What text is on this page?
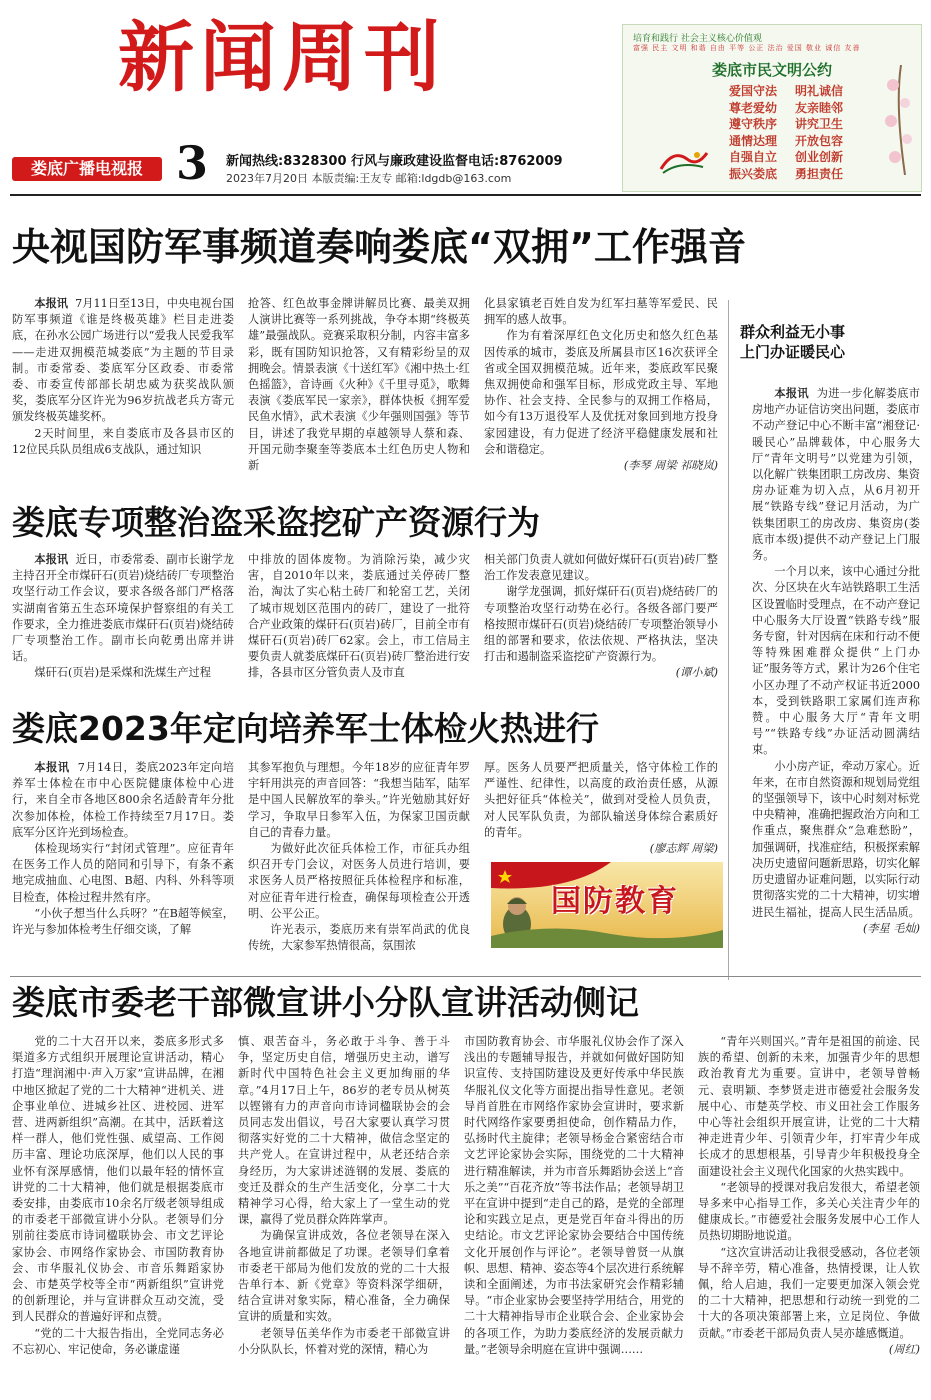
新闻周刊
娄底广播电视报 3 新闻热线:8328300 行风与廉政建设监督电话:8762009
2023年7月20日 本版责编:王友专 邮箱:ldgdb@163.com
培育和践行 社会主义核心价值观
富强 民主 文明 和谐 自由 平等 公正 法治 爱国 敬业 诚信 友善
娄底市民文明公约
爱国守法 明礼诚信
尊老爱幼 友亲睦邻
遵守秩序 讲究卫生
通情达理 开放包容
自强自立 创业创新
振兴娄底 勇担责任
央视国防军事频道奏响娄底“双拥”工作强音

本报讯 7月11日至13日，中央电视台国防军事频道《谁是终极英雄》栏目走进娄底，在孙水公园广场进行以“爱我人民爱我军——走进双拥模范城娄底”为主题的节目录制。市委常委、娄底军分区政委、市委常委、市委宣传部部长胡忠威为获奖战队颁奖，娄底军分区许光为96岁抗战老兵方寄元颁发终极英雄奖杯。

2天时间里，来自娄底市及各县市区的12位民兵队员组成6支战队，通过知识

抢答、红色故事金牌讲解员比赛、最美双拥人演讲比赛等一系列挑战，争夺本期“终极英雄”最强战队。竞赛采取积分制，内容丰富多彩，既有国防知识抢答，又有精彩纷呈的双拥晚会。情景表演《十送红军》《湘中热土·红色摇篮》，音诗画《火种》《千里寻觅》，歌舞表演《娄底军民一家亲》，群体快板《拥军爱民鱼水情》，武术表演《少年强则国强》等节目，讲述了我党早期的卓越领导人蔡和森、开国元勋李聚奎等娄底本土红色历史人物和新

化县家镇老百姓自发为红军扫墓等军爱民、民拥军的感人故事。

作为有着深厚红色文化历史和悠久红色基因传承的城市，娄底及所属县市区16次获评全省或全国双拥模范城。近年来，娄底政军民聚焦双拥使命和强军目标，形成党政主导、军地协作、社会支持、全民参与的双拥工作格局，如今有13万退役军人及优抚对象回到地方投身家园建设，有力促进了经济平稳健康发展和社会和谐稳定。

(李琴 周梁 祁晓岚)
群众利益无小事
上门办证暖民心

本报讯 为进一步化解娄底市房地产办证信访突出问题，娄底市不动产登记中心不断丰富“湘登记·暖民心”品牌载体，中心服务大厅“青年文明号”以党建为引领，以化解广铁集团职工房改房、集资房办证难为切入点，从6月初开展“铁路专线”登记月活动，为广铁集团职工的房改房、集资房(娄底市本级)提供不动产登记上门服务。

一个月以来，该中心通过分批次、分区块在火车站铁路职工生活区设置临时受理点，在不动产登记中心服务大厅设置“铁路专线”服务专窗，针对因病在床和行动不便等特殊困难群众提供“上门办证”服务等方式，累计为26个住宅小区办理了不动产权证书近2000本，受到铁路职工家属们连声称赞。中心服务大厅“青年文明号”“铁路专线”办证活动圆满结束。

小小房产证，牵动万家心。近年来，在市自然资源和规划局党组的坚强领导下，该中心时刻对标党中央精神，准确把握政治方向和工作重点，聚焦群众“急难愁盼”，加强调研，找准症结，积极探索解决历史遗留问题新思路，切实化解历史遗留办证难问题，以实际行动贯彻落实党的二十大精神，切实增进民生福祉，提高人民生活品质。

(李星 毛灿)
娄底专项整治盗采盗挖矿产资源行为

本报讯 近日，市委常委、副市长谢学龙主持召开全市煤矸石(页岩)烧结砖厂专项整治攻坚行动工作会议，要求各级各部门严格落实湖南省第五生态环境保护督察组的有关工作要求，全力推进娄底市煤矸石(页岩)烧结砖厂专项整治工作。副市长向乾勇出席并讲话。

煤矸石(页岩)是采煤和洗煤生产过程

中排放的固体废物。为消除污染，减少灾害，自2010年以来，娄底通过关停砖厂整治，淘汰了实心粘土砖厂和轮窑工艺，关闭了城市规划区范围内的砖厂，建设了一批符合产业政策的煤矸石(页岩)砖厂，目前全市有煤矸石(页岩)砖厂62家。会上，市工信局主要负责人就娄底煤矸石(页岩)砖厂整治进行安排，各县市区分管负责人及市直

相关部门负责人就如何做好煤矸石(页岩)砖厂整治工作发表意见建议。

谢学龙强调，抓好煤矸石(页岩)烧结砖厂的专项整治攻坚行动势在必行。各级各部门要严格按照市煤矸石(页岩)烧结砖厂专项整治领导小组的部署和要求，依法依规、严格执法，坚决打击和遏制盗采盗挖矿产资源行为。

(谭小斌)
娄底2023年定向培养军士体检火热进行

本报讯 7月14日，娄底2023年定向培养军士体检在市中心医院健康体检中心进行，来自全市各地区800余名适龄青年分批次参加体检，体检工作持续至7月17日。娄底军分区许光到场检查。

体检现场实行“封闭式管理”。应征青年在医务工作人员的陪同和引导下，有条不紊地完成抽血、心电图、B超、内科、外科等项目检查，体检过程井然有序。

“小伙子想当什么兵呀？”在B超等候室，许光与参加体检考生仔细交谈，了解

其参军抱负与理想。今年18岁的应征青年罗宇轩用洪亮的声音回答：“我想当陆军，陆军是中国人民解放军的拳头。”许光勉励其好好学习，争取早日参军入伍，为保家卫国贡献自己的青春力量。

为做好此次征兵体检工作，市征兵办组织召开专门会议，对医务人员进行培训，要求医务人员严格按照征兵体检程序和标准，对应征青年进行检查，确保每项检查公开透明、公平公正。

许光表示，娄底历来有崇军尚武的优良传统，大家参军热情很高，氛围浓

厚。医务人员要严把质量关，恪守体检工作的严谨性、纪律性，以高度的政治责任感，从源头把好征兵“体检关”，做到对受检人员负责，对人民军队负责，为部队输送身体综合素质好的青年。

(廖志辉 周梁)
国防教育
娄底市委老干部微宣讲小分队宣讲活动侧记

党的二十大召开以来，娄底多形式多渠道多方式组织开展理论宣讲活动，精心打造“理润湘中·声入万家”宣讲品牌，在湘中地区掀起了党的二十大精神“进机关、进企事业单位、进城乡社区、进校园、进军营、进两新组织”高潮。在其中，活跃着这样一群人，他们党性强、威望高、工作阅历丰富、理论功底深厚，他们以人民的事业怀有深厚感情，他们以最年轻的情怀宣讲党的二十大精神，他们就是根据娄底市委安排，由娄底市10余名厅级老领导组成的市委老干部微宣讲小分队。老领导们分别前往娄底市诗词楹联协会、市文艺评论家协会、市网络作家协会、市国防教育协会、市华服礼仪协会、市音乐舞蹈家协会、市楚英学校等全市“两新组织”宣讲党的创新理论，并与宣讲群众互动交流，受到人民群众的普遍好评和点赞。

“党的二十大报告指出，全党同志务必不忘初心、牢记使命，务必谦虚谨

慎、艰苦奋斗，务必敢于斗争、善于斗争，坚定历史自信，增强历史主动，谱写新时代中国特色社会主义更加绚丽的华章。”4月17日上午，86岁的老专员从树英以铿锵有力的声音向市诗词楹联协会的会员同志发出倡议，号召大家要认真学习贯彻落实好党的二十大精神，做信念坚定的共产党人。在宣讲过程中，从老还结合亲身经历，为大家讲述涟钢的发展、娄底的变迁及群众的生产生活变化，分享二十大精神学习心得，给大家上了一堂生动的党课，赢得了党员群众阵阵掌声。

为确保宣讲成效，各位老领导在深入各地宣讲前都做足了功课。老领导们拿着市委老干部局为他们发放的党的二十大报告单行本、新《党章》等资料深学细研，结合宣讲对象实际，精心准备，全力确保宣讲的质量和实效。

老领导伍美华作为市委老干部微宣讲小分队队长，怀着对党的深情，精心为

市国防教育协会、市华服礼仪协会作了深入浅出的专题辅导报告，并就如何做好国防知识宣传、支持国防建设及更好传承中华民族华服礼仪文化等方面提出指导性意见。老领导肖首胜在市网络作家协会宣讲时，要求新时代网络作家要勇担使命，创作精品力作，弘扬时代主旋律；老领导杨金合紧密结合市文艺评论家协会实际，围绕党的二十大精神进行精准解读，并为市音乐舞蹈协会送上“音乐之美”“百花齐放”等书法作品；老领导胡卫平在宣讲中提到“走自己的路，是党的全部理论和实践立足点，更是党百年奋斗得出的历史结论。市文艺评论家协会要结合中国传统文化开展创作与评论”。老领导曾贤一从旗帜、思想、精神、姿态等4个层次进行系统解读和全面阐述，为市书法家研究会作精彩辅导。“市企业家协会要坚持学用结合，用党的二十大精神指导市企业联合会、企业家协会的各项工作，为助力娄底经济的发展贡献力量。”老领导余明庭在宣讲中强调……

“青年兴则国兴。”青年是祖国的前途、民族的希望、创新的未来，加强青少年的思想政治教育尤为重要。宣讲中，老领导曾畅元、袁明颖、李梦贤走进市德爱社会服务发展中心、市楚英学校、市义田社会工作服务中心等社会组织开展宣讲，让党的二十大精神走进青少年、引领青少年，打牢青少年成长成才的思想根基，引导青少年积极投身全面建设社会主义现代化国家的火热实践中。

“老领导的授课对我启发很大，希望老领导多来中心指导工作，多关心关注青少年的健康成长。”市德爱社会服务发展中心工作人员热切期盼地说道。

“这次宣讲活动让我很受感动，各位老领导不辞辛劳，精心准备，热情授课，让人钦佩，给人启迪，我们一定要更加深入领会党的二十大精神，把思想和行动统一到党的二十大的各项决策部署上来，立足岗位、争做贡献。”市委老干部局负责人吴亦雄感慨道。

(周红)
